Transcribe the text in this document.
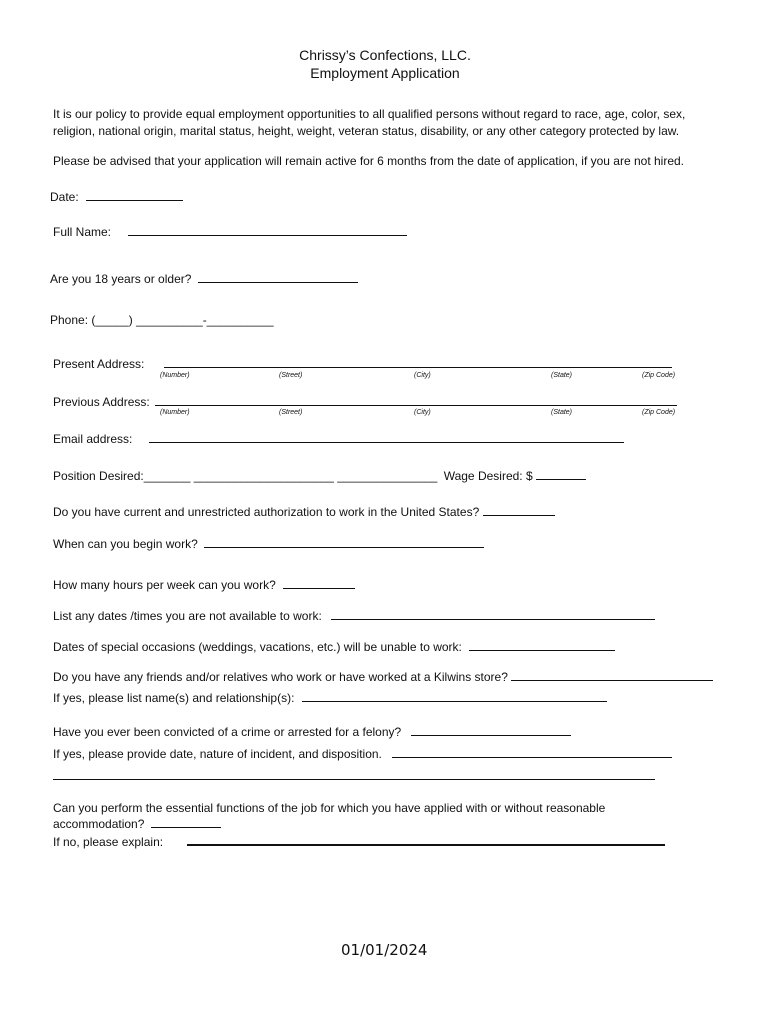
Chrissy’s Confections, LLC.
Employment Application
It is our policy to provide equal employment opportunities to all qualified persons without regard to race, age, color, sex,
religion, national origin, marital status, height, weight, veteran status, disability, or any other category protected by law.
Please be advised that your application will remain active for 6 months from the date of application, if you are not hired.
Date:
Full Name:
Are you 18 years or older?
Phone: (_____) __________-__________
Present Address:
(Number)	(Street)	(City)	(State)	(Zip Code)
Previous Address:
(Number)	(Street)	(City)	(State)	(Zip Code)
Email address:
Position Desired:_______ _____________________ _______________ Wage Desired: $
Do you have current and unrestricted authorization to work in the United States?
When can you begin work?
How many hours per week can you work?
List any dates /times you are not available to work:
Dates of special occasions (weddings, vacations, etc.) will be unable to work:
Do you have any friends and/or relatives who work or have worked at a Kilwins store?
If yes, please list name(s) and relationship(s):
Have you ever been convicted of a crime or arrested for a felony?
If yes, please provide date, nature of incident, and disposition.
Can you perform the essential functions of the job for which you have applied with or without reasonable
accommodation?
If no, please explain:
01/01/2024
